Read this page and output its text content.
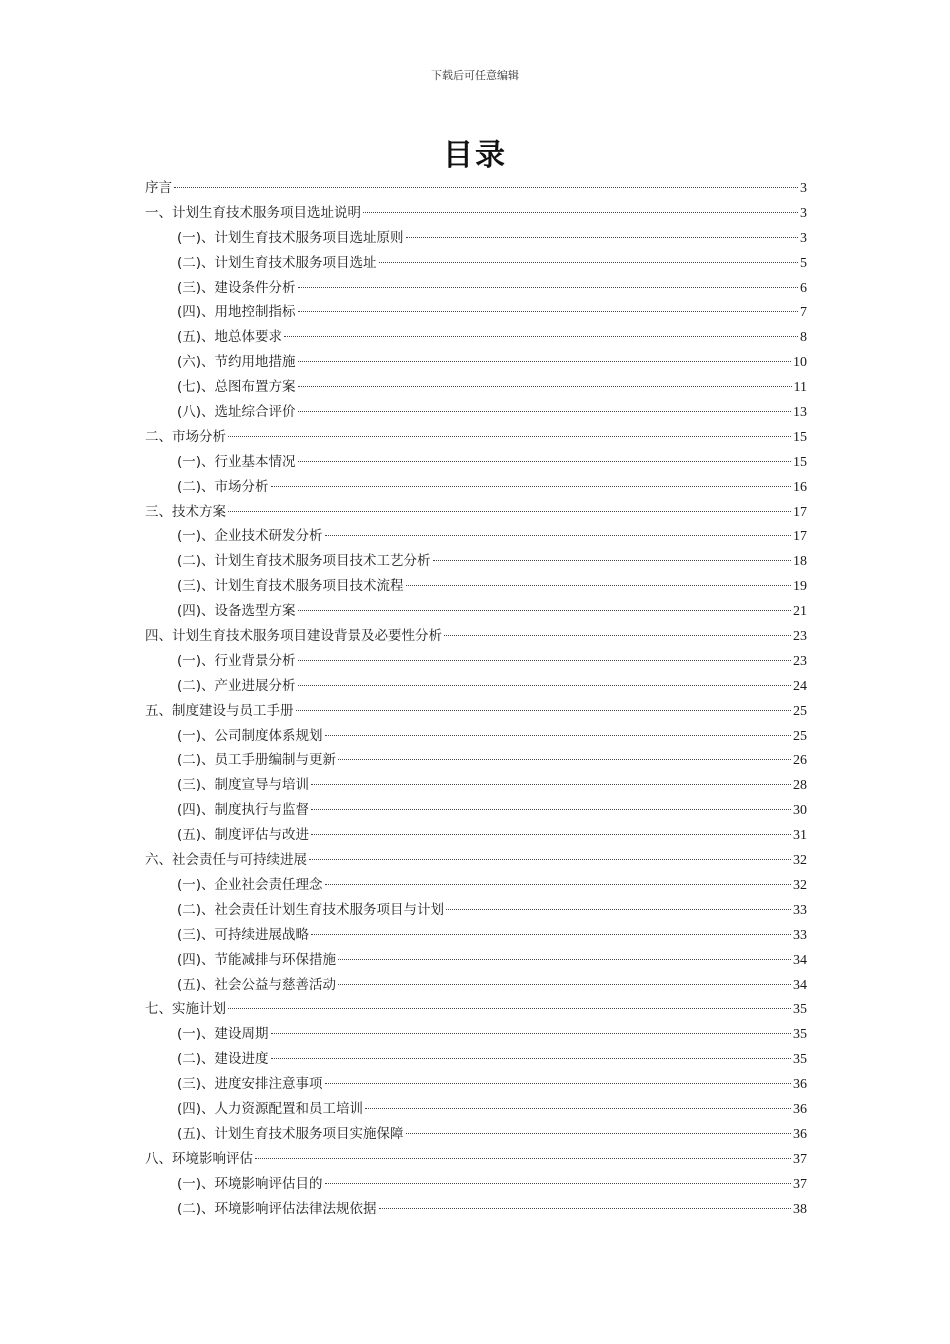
下载后可任意编辑
目录
序言	3
一、计划生育技术服务项目选址说明	3
(一)、计划生育技术服务项目选址原则	3
(二)、计划生育技术服务项目选址	5
(三)、建设条件分析	6
(四)、用地控制指标	7
(五)、地总体要求	8
(六)、节约用地措施	10
(七)、总图布置方案	11
(八)、选址综合评价	13
二、市场分析	15
(一)、行业基本情况	15
(二)、市场分析	16
三、技术方案	17
(一)、企业技术研发分析	17
(二)、计划生育技术服务项目技术工艺分析	18
(三)、计划生育技术服务项目技术流程	19
(四)、设备选型方案	21
四、计划生育技术服务项目建设背景及必要性分析	23
(一)、行业背景分析	23
(二)、产业进展分析	24
五、制度建设与员工手册	25
(一)、公司制度体系规划	25
(二)、员工手册编制与更新	26
(三)、制度宣导与培训	28
(四)、制度执行与监督	30
(五)、制度评估与改进	31
六、社会责任与可持续进展	32
(一)、企业社会责任理念	32
(二)、社会责任计划生育技术服务项目与计划	33
(三)、可持续进展战略	33
(四)、节能减排与环保措施	34
(五)、社会公益与慈善活动	34
七、实施计划	35
(一)、建设周期	35
(二)、建设进度	35
(三)、进度安排注意事项	36
(四)、人力资源配置和员工培训	36
(五)、计划生育技术服务项目实施保障	36
八、环境影响评估	37
(一)、环境影响评估目的	37
(二)、环境影响评估法律法规依据	38
